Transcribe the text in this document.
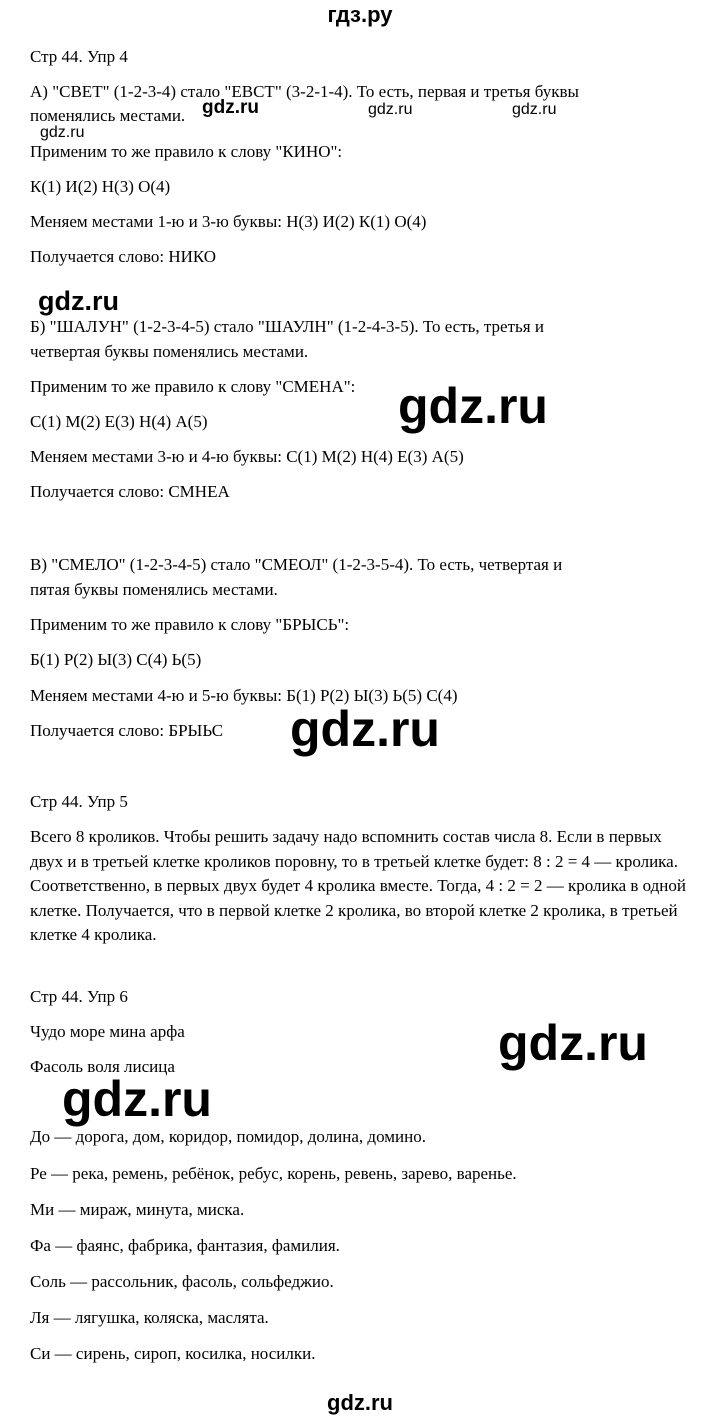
гдз.ру
Стр 44. Упр 4
А) "СВЕТ" (1-2-3-4) стало "ЕВСТ" (3-2-1-4). То есть, первая и третья буквы
поменялись местами.
Применим то же правило к слову "КИНО":
К(1) И(2) Н(3) О(4)
Меняем местами 1-ю и 3-ю буквы: Н(3) И(2) К(1) О(4)
Получается слово: НИКО
Б) "ШАЛУН" (1-2-3-4-5) стало "ШАУЛН" (1-2-4-3-5). То есть, третья и
четвертая буквы поменялись местами.
Применим то же правило к слову "СМЕНА":
С(1) М(2) Е(3) Н(4) А(5)
Меняем местами 3-ю и 4-ю буквы: С(1) М(2) Н(4) Е(3) А(5)
Получается слово: СМНЕА
В) "СМЕЛО" (1-2-3-4-5) стало "СМЕОЛ" (1-2-3-5-4). То есть, четвертая и
пятая буквы поменялись местами.
Применим то же правило к слову "БРЫСЬ":
Б(1) Р(2) Ы(3) С(4) Ь(5)
Меняем местами 4-ю и 5-ю буквы: Б(1) Р(2) Ы(3) Ь(5) С(4)
Получается слово: БРЫЬС
Стр 44. Упр 5
Всего 8 кроликов. Чтобы решить задачу надо вспомнить состав числа 8. Если в первых двух и в третьей клетке кроликов поровну, то в третьей клетке будет: 8 : 2 = 4 — кролика. Соответственно, в первых двух будет 4 кролика вместе. Тогда, 4 : 2 = 2 — кролика в одной клетке. Получается, что в первой клетке 2 кролика, во второй клетке 2 кролика, в третьей клетке 4 кролика.
Стр 44. Упр 6
Чудо море мина арфа
Фасоль воля лисица
До — дорога, дом, коридор, помидор, долина, домино.
Ре — река, ремень, ребёнок, ребус, корень, ревень, зарево, варенье.
Ми — мираж, минута, миска.
Фа — фаянс, фабрика, фантазия, фамилия.
Соль — рассольник, фасоль, сольфеджио.
Ля — лягушка, коляска, маслята.
Си — сирень, сироп, косилка, носилки.
gdz.ru	gdz.ru	gdz.ru
gdz.ru
gdz.ru
gdz.ru
gdz.ru
gdz.ru
gdz.ru
gdz.ru
